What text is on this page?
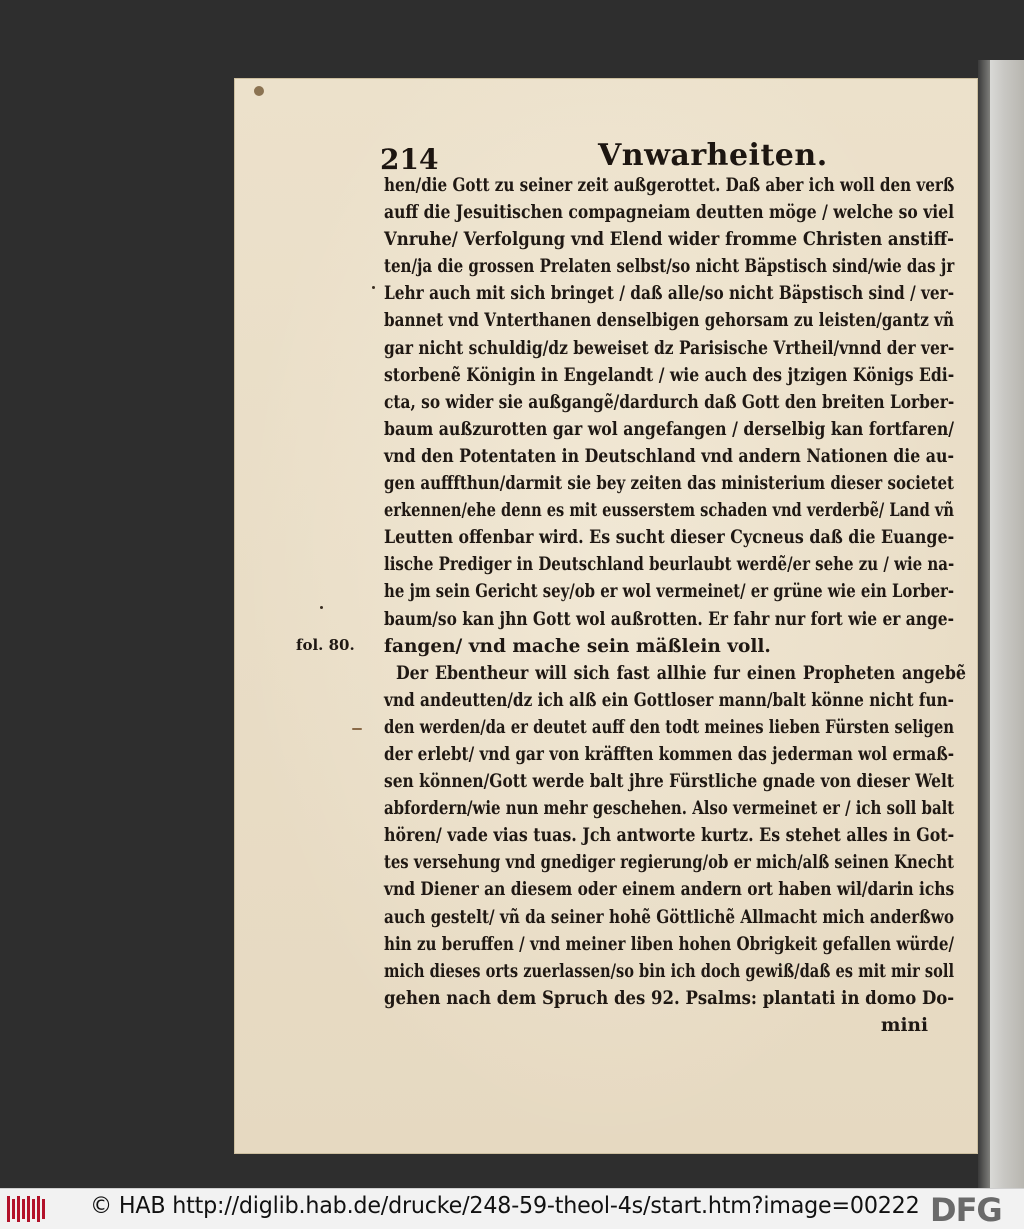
214	Vnwarheiten.
fol. 80.
hen/die Gott zu seiner zeit außgerottet. Daß aber ich woll den verß
auff die Jesuitischen compagneiam deutten möge / welche so viel
Vnruhe/ Verfolgung vnd Elend wider fromme Christen anstiff-
ten/ja die grossen Prelaten selbst/so nicht Bäpstisch sind/wie das jr
Lehr auch mit sich bringet / daß alle/so nicht Bäpstisch sind / ver-
bannet vnd Vnterthanen denselbigen gehorsam zu leisten/gantz vñ
gar nicht schuldig/dz beweiset dz Parisische Vrtheil/vnnd der ver-
storbenẽ Königin in Engelandt / wie auch des jtzigen Königs Edi-
cta, so wider sie außgangẽ/dardurch daß Gott den breiten Lorber-
baum außzurotten gar wol angefangen / derselbig kan fortfaren/
vnd den Potentaten in Deutschland vnd andern Nationen die au-
gen aufffthun/darmit sie bey zeiten das ministerium dieser societet
erkennen/ehe denn es mit eusserstem schaden vnd verderbẽ/ Land vñ
Leutten offenbar wird. Es sucht dieser Cycneus daß die Euange-
lische Prediger in Deutschland beurlaubt werdẽ/er sehe zu / wie na-
he jm sein Gericht sey/ob er wol vermeinet/ er grüne wie ein Lorber-
baum/so kan jhn Gott wol außrotten. Er fahr nur fort wie er ange-
fangen/ vnd mache sein mäßlein voll.
Der Ebentheur will sich fast allhie fur einen Propheten angebẽ
vnd andeutten/dz ich alß ein Gottloser mann/balt könne nicht fun-
den werden/da er deutet auff den todt meines lieben Fürsten seligen
der erlebt/ vnd gar von kräfften kommen das jederman wol ermaß-
sen können/Gott werde balt jhre Fürstliche gnade von dieser Welt
abfordern/wie nun mehr geschehen. Also vermeinet er / ich soll balt
hören/ vade vias tuas. Jch antworte kurtz. Es stehet alles in Got-
tes versehung vnd gnediger regierung/ob er mich/alß seinen Knecht
vnd Diener an diesem oder einem andern ort haben wil/darin ichs
auch gestelt/ vñ da seiner hohẽ Göttlichẽ Allmacht mich anderßwo
hin zu beruffen / vnd meiner liben hohen Obrigkeit gefallen würde/
mich dieses orts zuerlassen/so bin ich doch gewiß/daß es mit mir soll
gehen nach dem Spruch des 92. Psalms: plantati in domo Do-
mini
© HAB http://diglib.hab.de/drucke/248-59-theol-4s/start.htm?image=00222 DFG
